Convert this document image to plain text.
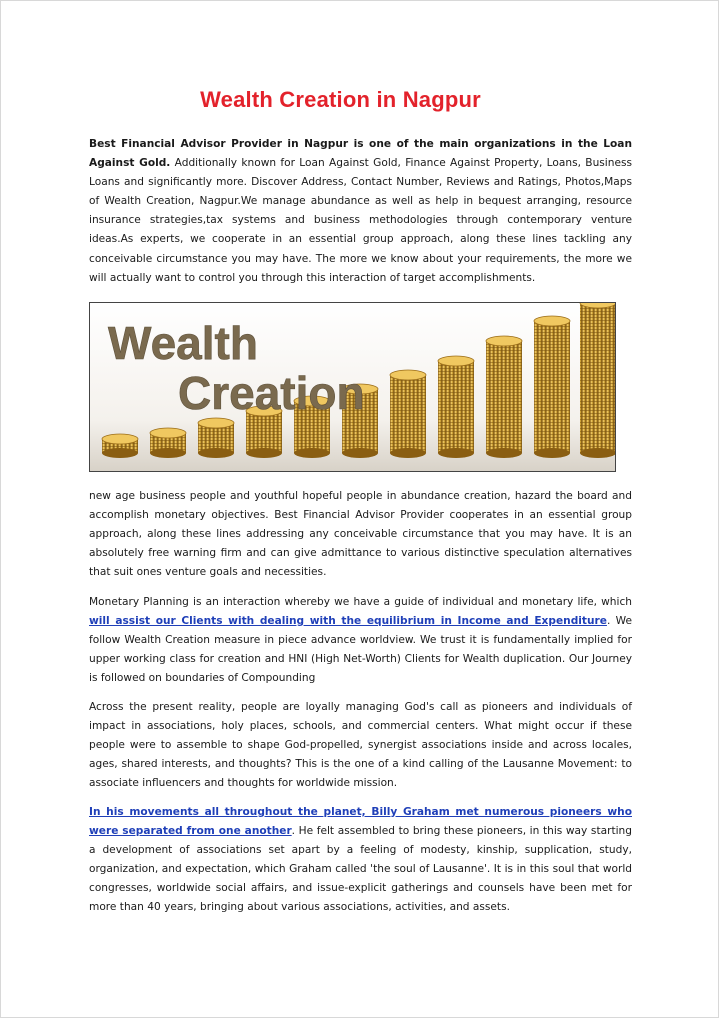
Wealth Creation in Nagpur

Best Financial Advisor Provider in Nagpur is one of the main organizations in the Loan Against Gold. Additionally known for Loan Against Gold, Finance Against Property, Loans, Business Loans and significantly more. Discover Address, Contact Number, Reviews and Ratings, Photos,Maps of Wealth Creation, Nagpur.We manage abundance as well as help in bequest arranging, resource insurance strategies,tax systems and business methodologies through contemporary venture ideas.As experts, we cooperate in an essential group approach, along these lines tackling any conceivable circumstance you may have. The more we know about your requirements, the more we will actually want to control you through this interaction of target accomplishments.

Wealth
Creation

new age business people and youthful hopeful people in abundance creation, hazard the board and accomplish monetary objectives. Best Financial Advisor Provider cooperates in an essential group approach, along these lines addressing any conceivable circumstance that you may have. It is an absolutely free warning firm and can give admittance to various distinctive speculation alternatives that suit ones venture goals and necessities.

Monetary Planning is an interaction whereby we have a guide of individual and monetary life, which will assist our Clients with dealing with the equilibrium in Income and Expenditure. We follow Wealth Creation measure in piece advance worldview. We trust it is fundamentally implied for upper working class for creation and HNI (High Net-Worth) Clients for Wealth duplication. Our Journey is followed on boundaries of Compounding

Across the present reality, people are loyally managing God's call as pioneers and individuals of impact in associations, holy places, schools, and commercial centers. What might occur if these people were to assemble to shape God-propelled, synergist associations inside and across locales, ages, shared interests, and thoughts? This is the one of a kind calling of the Lausanne Movement: to associate influencers and thoughts for worldwide mission.

In his movements all throughout the planet, Billy Graham met numerous pioneers who were separated from one another. He felt assembled to bring these pioneers, in this way starting a development of associations set apart by a feeling of modesty, kinship, supplication, study, organization, and expectation, which Graham called 'the soul of Lausanne'. It is in this soul that world congresses, worldwide social affairs, and issue-explicit gatherings and counsels have been met for more than 40 years, bringing about various associations, activities, and assets.
